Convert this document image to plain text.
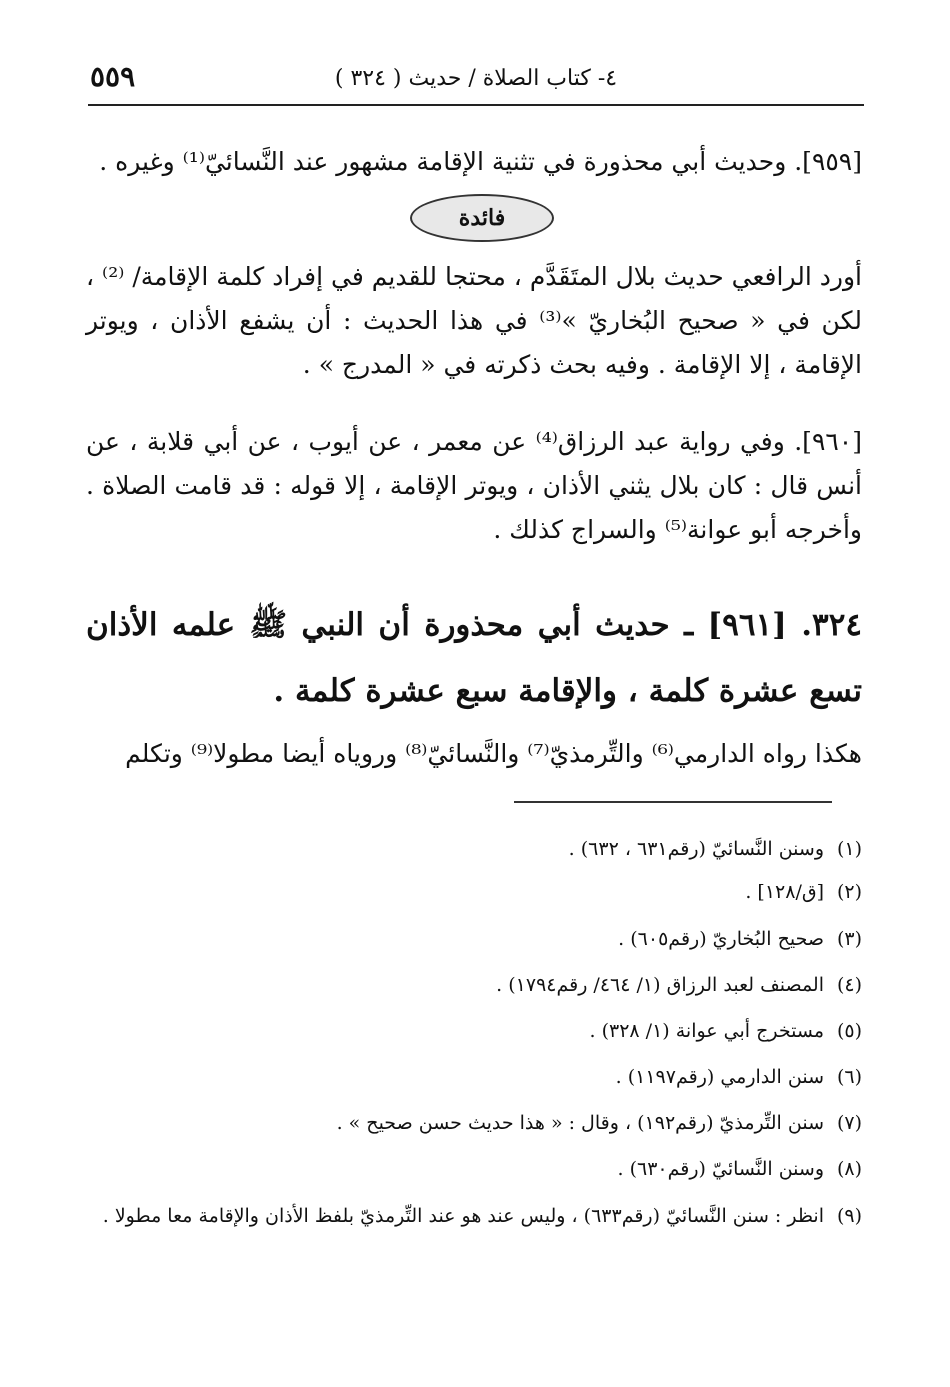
٤- كتاب الصلاة / حديث ( ٣٢٤ )
٥٥٩
[٩٥٩]. وحديث أبي محذورة في تثنية الإقامة مشهور عند النَّسائيّ⁽¹⁾ وغيره .
فائدة
أورد الرافعي حديث بلال المتَقَدَّم ، محتجا للقديم في إفراد كلمة الإقامة/ ⁽²⁾ ، لكن في « صحيح البُخاريّ »⁽³⁾ في هذا الحديث : أن يشفع الأذان ، ويوتر الإقامة ، إلا الإقامة . وفيه بحث ذكرته في « المدرج » .
[٩٦٠]. وفي رواية عبد الرزاق⁽⁴⁾ عن معمر ، عن أيوب ، عن أبي قلابة ، عن أنس قال : كان بلال يثني الأذان ، ويوتر الإقامة ، إلا قوله : قد قامت الصلاة . وأخرجه أبو عوانة⁽⁵⁾ والسراج كذلك .
٣٢٤. [٩٦١] ـ حديث أبي محذورة أن النبي ﷺ علمه الأذان تسع عشرة كلمة ، والإقامة سبع عشرة كلمة .
هكذا رواه الدارمي⁽⁶⁾ والتِّرمذيّ⁽⁷⁾ والنَّسائيّ⁽⁸⁾ وروياه أيضا مطولا⁽⁹⁾ وتكلم
(١)وسنن النَّسائيّ (رقم٦٣١ ، ٦٣٢) .
(٢)[ق/١٢٨] .
(٣)صحيح البُخاريّ (رقم٦٠٥) .
(٤)المصنف لعبد الرزاق (١/ ٤٦٤/ رقم١٧٩٤) .
(٥)مستخرج أبي عوانة (١/ ٣٢٨) .
(٦)سنن الدارمي (رقم١١٩٧) .
(٧)سنن التِّرمذيّ (رقم١٩٢) ، وقال : « هذا حديث حسن صحيح » .
(٨)وسنن النَّسائيّ (رقم٦٣٠) .
(٩)انظر : سنن النَّسائيّ (رقم٦٣٣) ، وليس عند هو عند التِّرمذيّ بلفظ الأذان والإقامة معا مطولا .
